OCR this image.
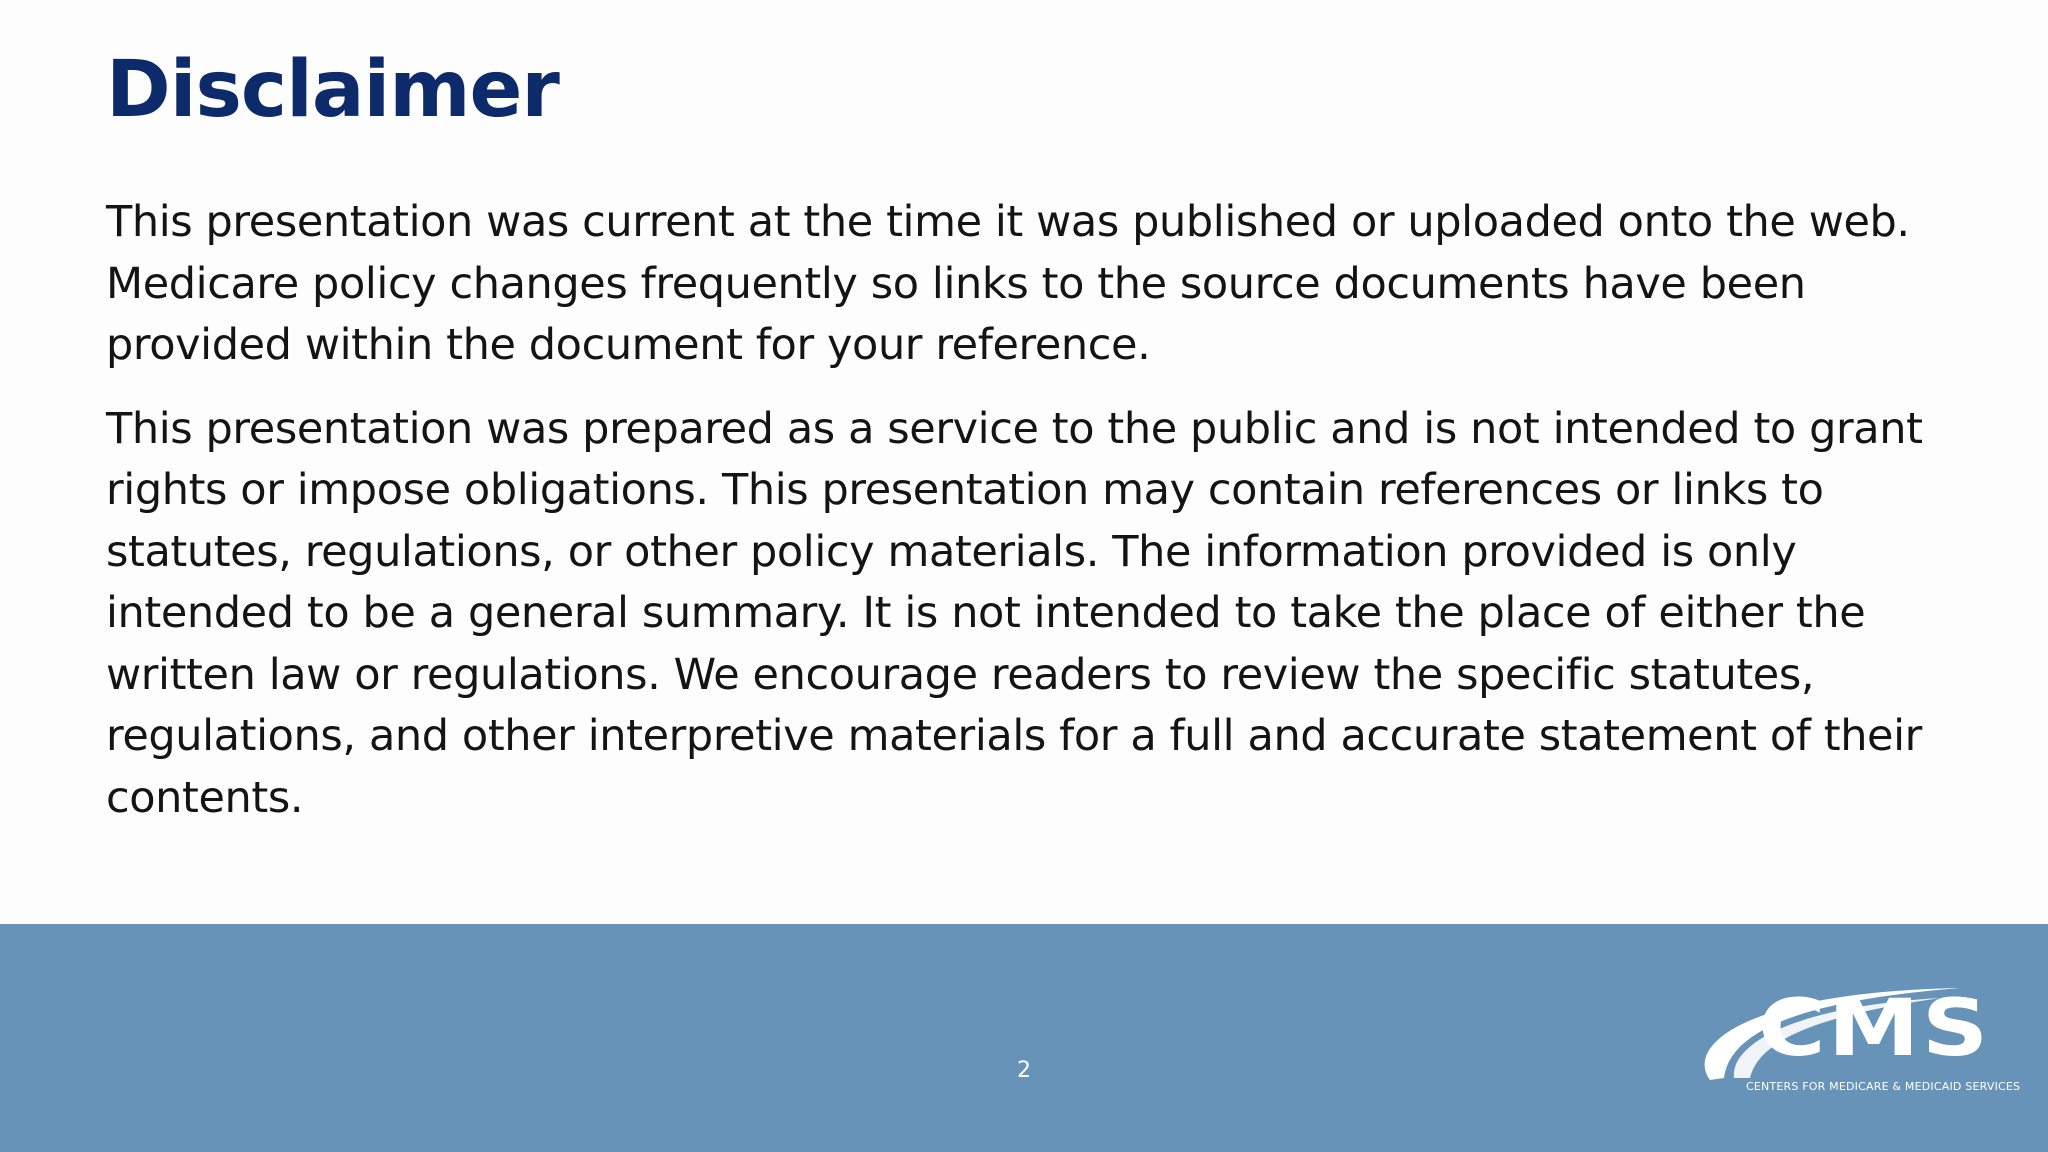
Disclaimer

This presentation was current at the time it was published or uploaded onto the web. Medicare policy changes frequently so links to the source documents have been provided within the document for your reference.

This presentation was prepared as a service to the public and is not intended to grant rights or impose obligations. This presentation may contain references or links to statutes, regulations, or other policy materials. The information provided is only intended to be a general summary. It is not intended to take the place of either the written law or regulations. We encourage readers to review the specific statutes, regulations, and other interpretive materials for a full and accurate statement of their contents.

2	CMS
CENTERS FOR MEDICARE & MEDICAID SERVICES
